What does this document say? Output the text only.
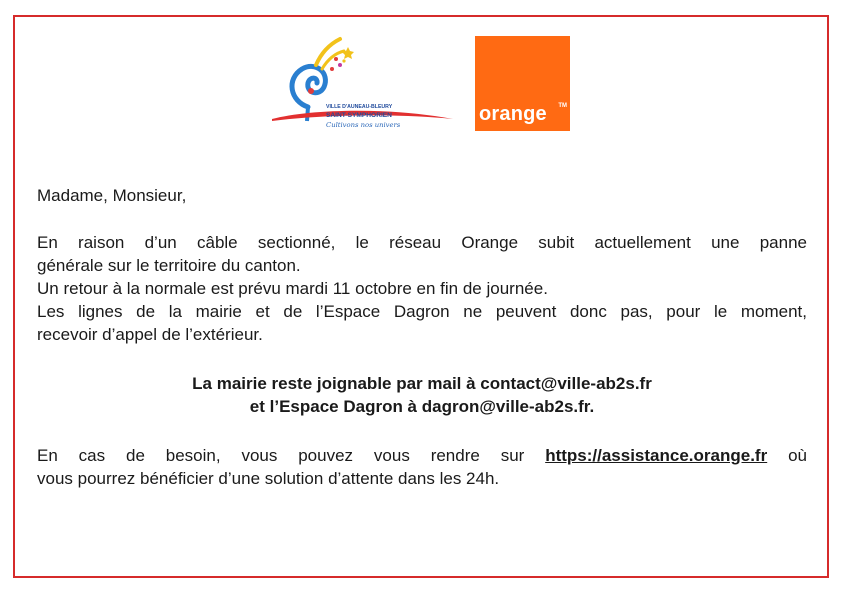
VILLE D'AUNEAU-BLEURY
SAINT-SYMPHORIEN
Cultivons nos univers
TM
orange

Madame, Monsieur,

En raison d’un câble sectionné, le réseau Orange subit actuellement une panne

générale sur le territoire du canton.

Un retour à la normale est prévu mardi 11 octobre en fin de journée.

Les lignes de la mairie et de l’Espace Dagron ne peuvent donc pas, pour le moment,

recevoir d’appel de l’extérieur.

La mairie reste joignable par mail à contact@ville-ab2s.fr

et l’Espace Dagron à dagron@ville-ab2s.fr.

En cas de besoin, vous pouvez vous rendre sur https://assistance.orange.fr où

vous pourrez bénéficier d’une solution d’attente dans les 24h.
